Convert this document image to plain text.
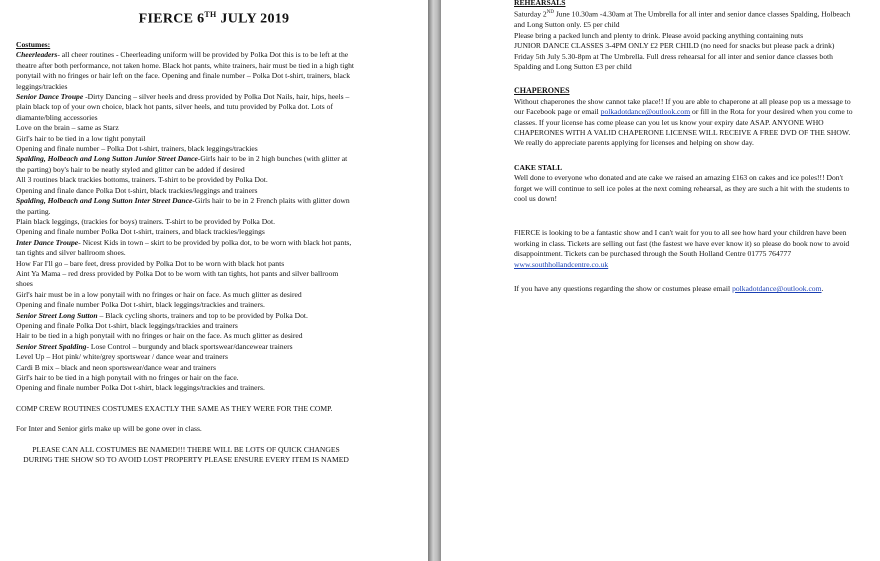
FIERCE 6TH JULY 2019

Costumes:

Cheerleaders- all cheer routines - Cheerleading uniform will be provided by Polka Dot this is to be left at the theatre after both performance, not taken home. Black hot pants, white trainers, hair must be tied in a high tight ponytail with no fringes or hair left on the face. Opening and finale number – Polka Dot t-shirt, trainers, black leggings/trackies

Senior Dance Troupe -Dirty Dancing – silver heels and dress provided by Polka Dot Nails, hair, hips, heels – plain black top of your own choice, black hot pants, silver heels, and tutu provided by Polka dot. Lots of diamante/bling accessories

Love on the brain – same as Starz

Girl's hair to be tied in a low tight ponytail

Opening and finale number – Polka Dot t-shirt, trainers, black leggings/trackies

Spalding, Holbeach and Long Sutton Junior Street Dance-Girls hair to be in 2 high bunches (with glitter at the parting) boy's hair to be neatly styled and glitter can be added if desired

All 3 routines black trackies bottoms, trainers. T-shirt to be provided by Polka Dot.

Opening and finale dance Polka Dot t-shirt, black trackies/leggings and trainers

Spalding, Holbeach and Long Sutton Inter Street Dance-Girls hair to be in 2 French plaits with glitter down the parting.

Plain black leggings, (trackies for boys) trainers. T-shirt to be provided by Polka Dot.

Opening and finale number Polka Dot t-shirt, trainers, and black trackies/leggings

Inter Dance Troupe- Nicest Kids in town – skirt to be provided by polka dot, to be worn with black hot pants, tan tights and silver ballroom shoes.

How Far I'll go – bare feet, dress provided by Polka Dot to be worn with black hot pants

Aint Ya Mama – red dress provided by Polka Dot to be worn with tan tights, hot pants and silver ballroom shoes

Girl's hair must be in a low ponytail with no fringes or hair on face. As much glitter as desired

Opening and finale number Polka Dot t-shirt, black leggings/trackies and trainers.

Senior Street Long Sutton – Black cycling shorts, trainers and top to be provided by Polka Dot.

Opening and finale Polka Dot t-shirt, black leggings/trackies and trainers

Hair to be tied in a high ponytail with no fringes or hair on the face. As much glitter as desired

Senior Street Spalding- Lose Control – burgundy and black sportswear/dancewear trainers

Level Up – Hot pink/ white/grey sportswear / dance wear and trainers

Cardi B mix – black and neon sportswear/dance wear and trainers

Girl's hair to be tied in a high ponytail with no fringes or hair on the face.

Opening and finale number Polka Dot t-shirt, black leggings/trackies and trainers.

COMP CREW ROUTINES COSTUMES EXACTLY THE SAME AS THEY WERE FOR THE COMP.

For Inter and Senior girls make up will be gone over in class.

PLEASE CAN ALL COSTUMES BE NAMED!!! THERE WILL BE LOTS OF QUICK CHANGES DURING THE SHOW SO TO AVOID LOST PROPERTY PLEASE ENSURE EVERY ITEM IS NAMED

REHEARSALS

Saturday 2ND June 10.30am -4.30am at The Umbrella for all inter and senior dance classes Spalding, Holbeach and Long Sutton only. £5 per child

Please bring a packed lunch and plenty to drink. Please avoid packing anything containing nuts

JUNIOR DANCE CLASSES 3-4PM ONLY £2 PER CHILD (no need for snacks but please pack a drink)

Friday 5th July 5.30-8pm at The Umbrella. Full dress rehearsal for all inter and senior dance classes both Spalding and Long Sutton £3 per child

CHAPERONES

Without chaperones the show cannot take place!! If you are able to chaperone at all please pop us a message to our Facebook page or email polkadotdance@outlook.com or fill in the Rota for your desired when you come to classes. If your license has come please can you let us know your expiry date ASAP. ANYONE WHO CHAPERONES WITH A VALID CHAPERONE LICENSE WILL RECEIVE A FREE DVD OF THE SHOW. We really do appreciate parents applying for licenses and helping on show day.

CAKE STALL

Well done to everyone who donated and ate cake we raised an amazing £163 on cakes and ice poles!!! Don't forget we will continue to sell ice poles at the next coming rehearsal, as they are such a hit with the students to cool us down!

FIERCE is looking to be a fantastic show and I can't wait for you to all see how hard your children have been working in class. Tickets are selling out fast (the fastest we have ever know it) so please do book now to avoid disappointment. Tickets can be purchased through the South Holland Centre 01775 764777 www.southhollandcentre.co.uk

If you have any questions regarding the show or costumes please email polkadotdance@outlook.com.
